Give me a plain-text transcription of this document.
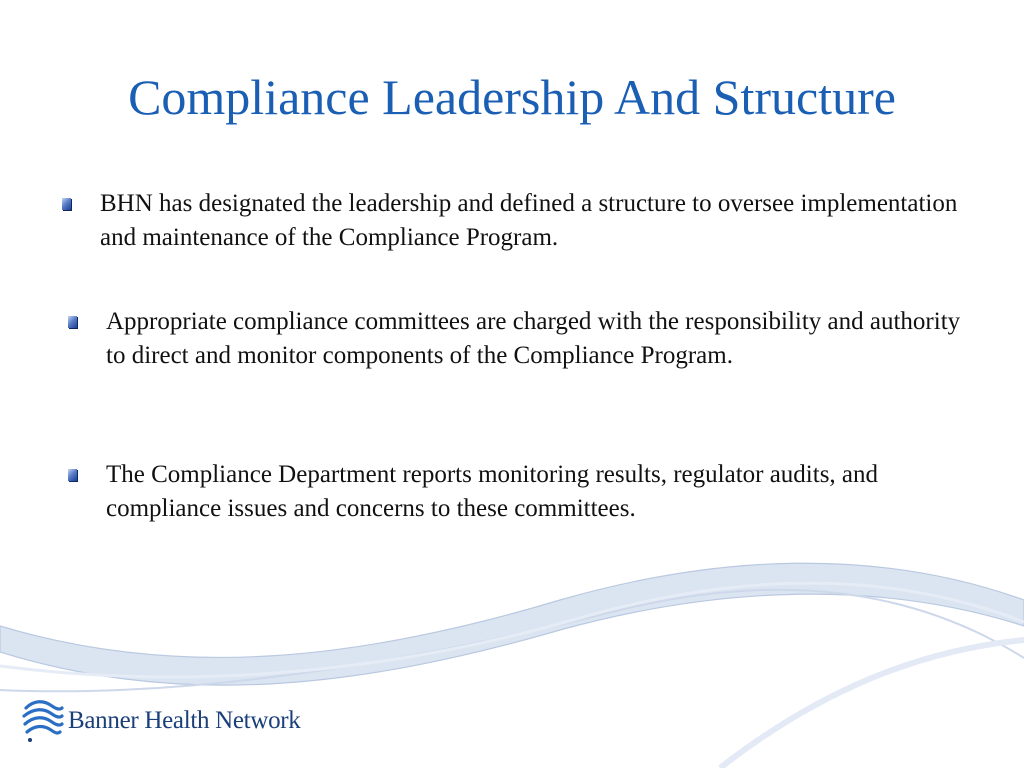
Compliance Leadership And Structure
BHN has designated the leadership and defined a structure to oversee implementation and maintenance of the Compliance Program.
Appropriate compliance committees are charged with the responsibility and authority to direct and monitor components of the Compliance Program.
The Compliance Department reports monitoring results, regulator audits, and compliance issues and concerns to these committees.
Banner Health Network
